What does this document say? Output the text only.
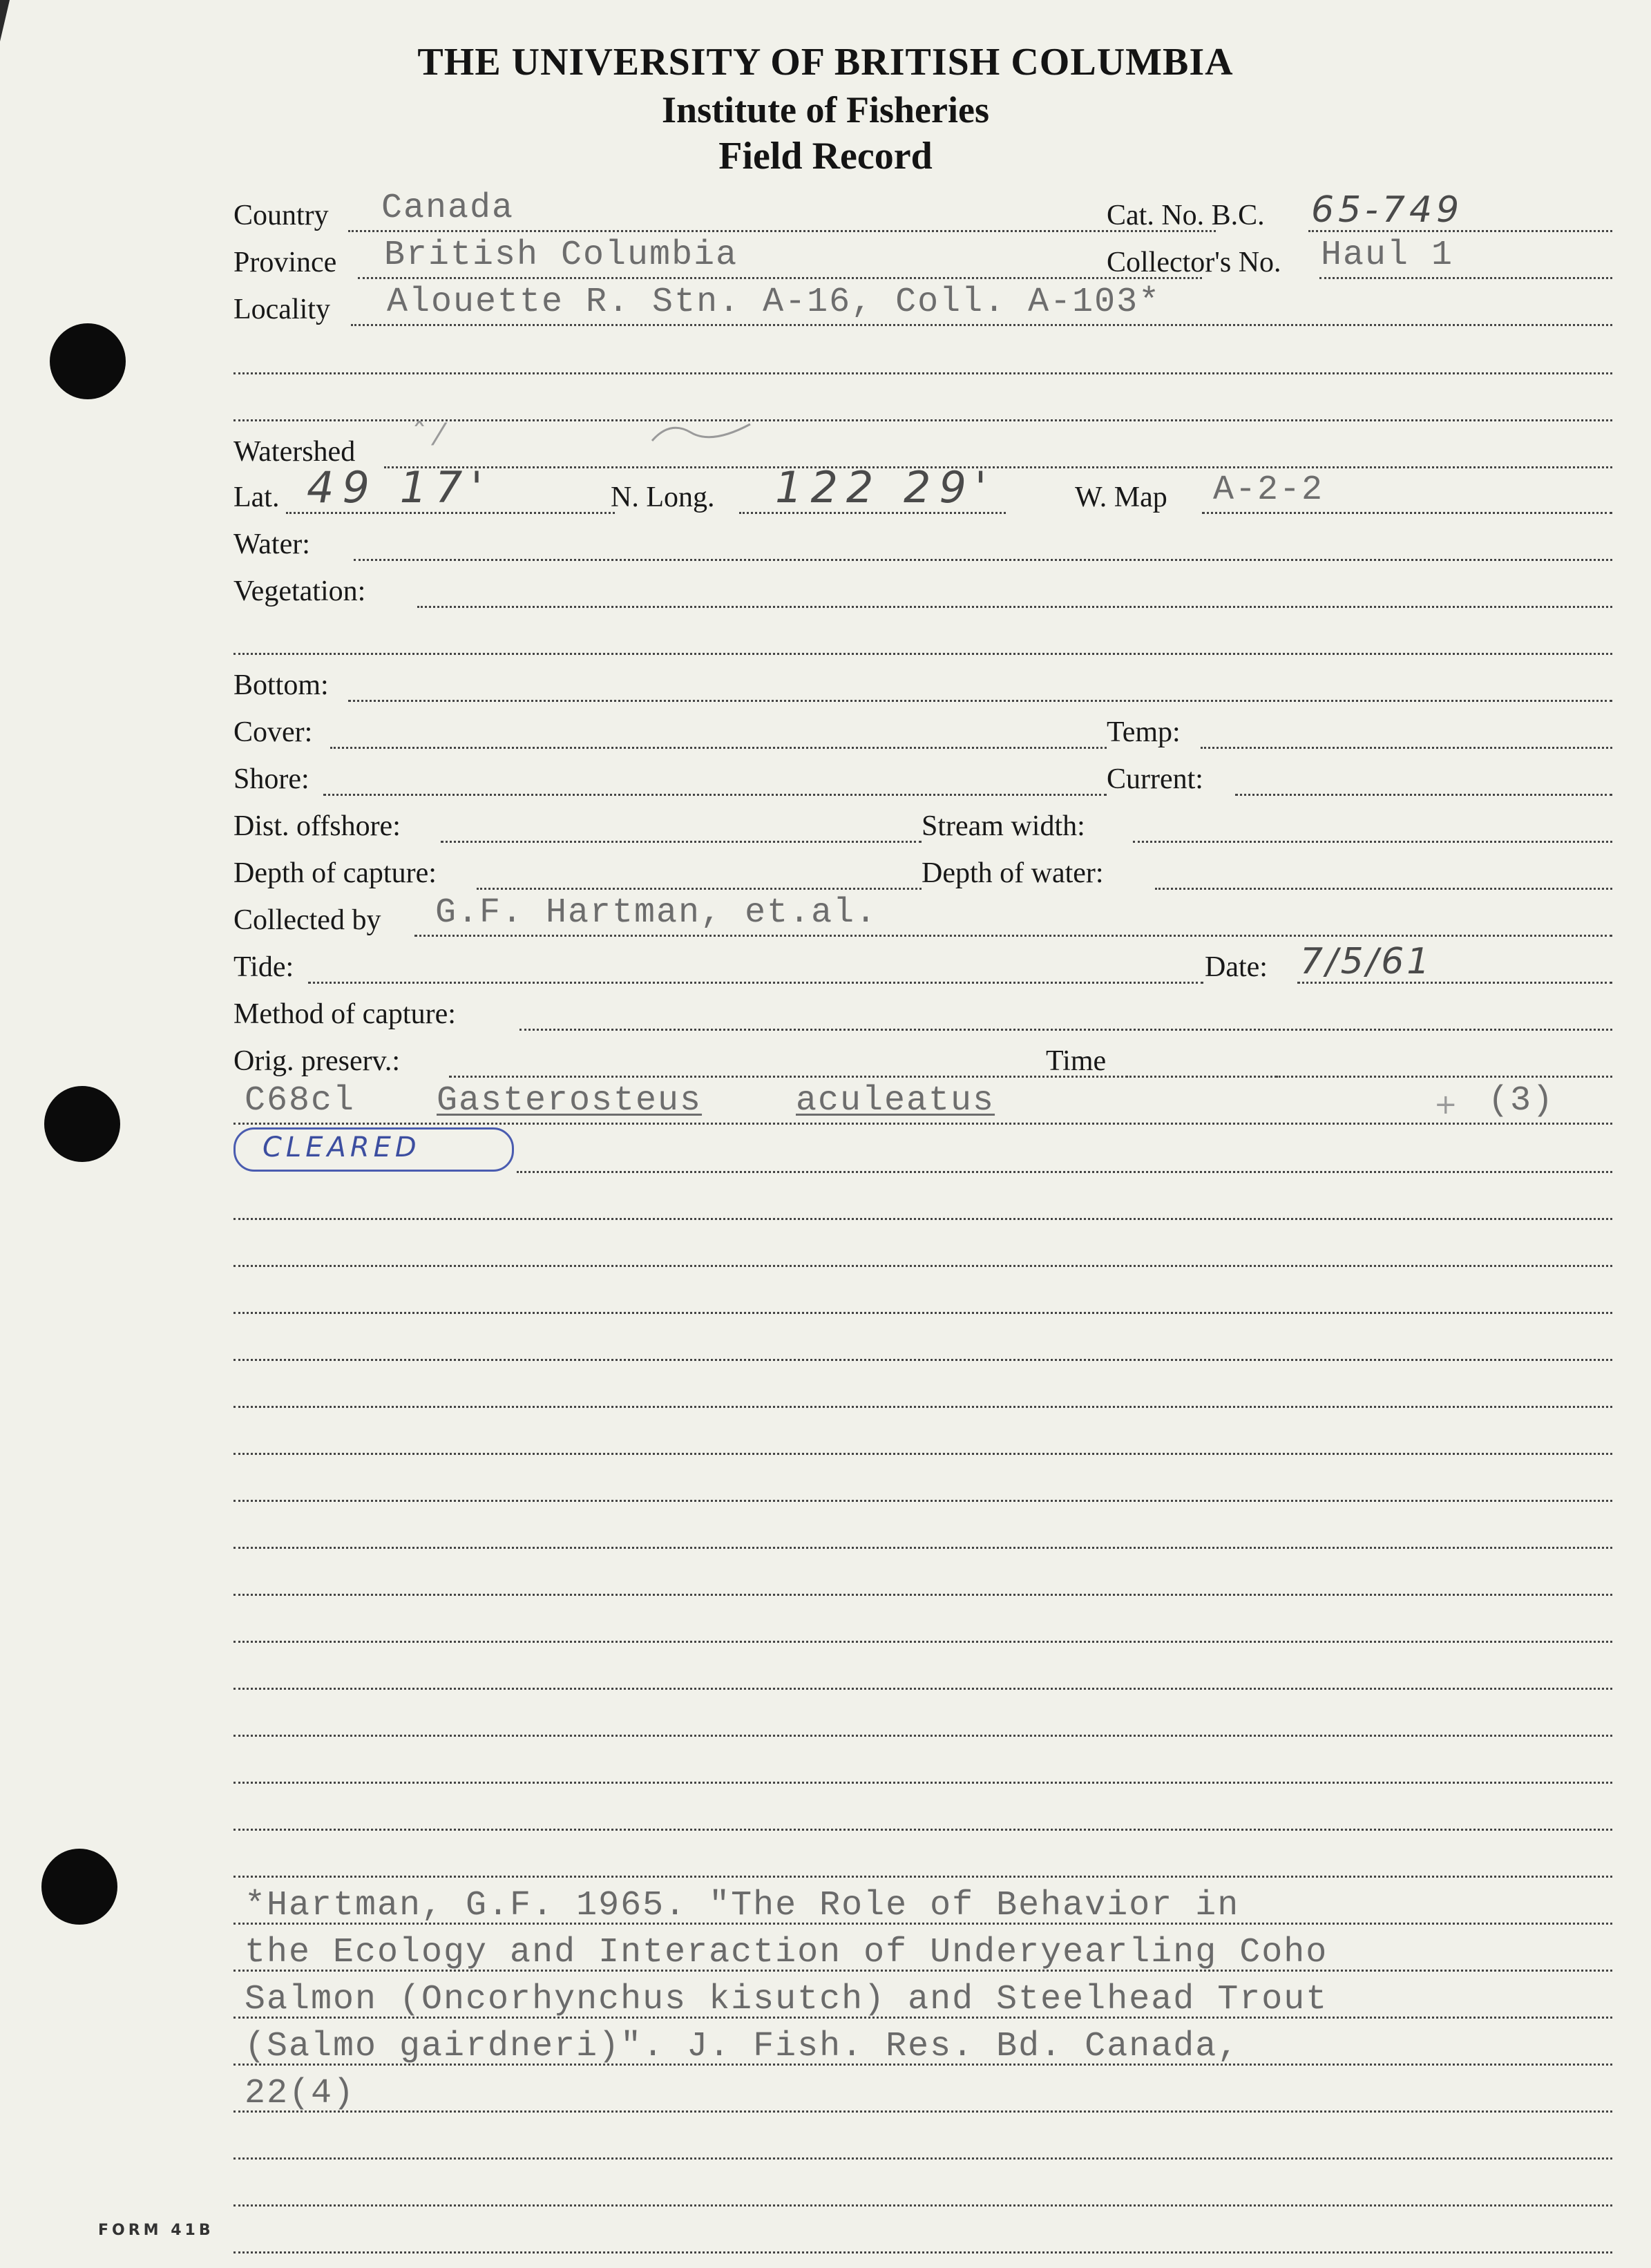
THE UNIVERSITY OF BRITISH COLUMBIA
Institute of Fisheries
Field Record
Country Canada	Cat. No. B.C. 65-749
Province British Columbia	Collector's No. Haul 1
Locality Alouette R. Stn. A-16, Coll. A-103*
Watershed ˆ ⁄
Lat. 49 17'	N. Long. 122 29'	W. Map A-2-2
Water:
Vegetation:
Bottom:
Cover:	Temp:
Shore:	Current:
Dist. offshore:	Stream width:
Depth of capture:	Depth of water:
Collected by G.F. Hartman, et.al.
Tide:	Date: 7/5/61
Method of capture:
Orig. preserv.:	Time
C68cl Gasterosteus	aculeatus	+ (3)
CLEARED
*Hartman, G.F. 1965. "The Role of Behavior in
the Ecology and Interaction of Underyearling Coho
Salmon (Oncorhynchus kisutch) and Steelhead Trout
(Salmo gairdneri)". J. Fish. Res. Bd. Canada,
22(4)
FORM 41B
